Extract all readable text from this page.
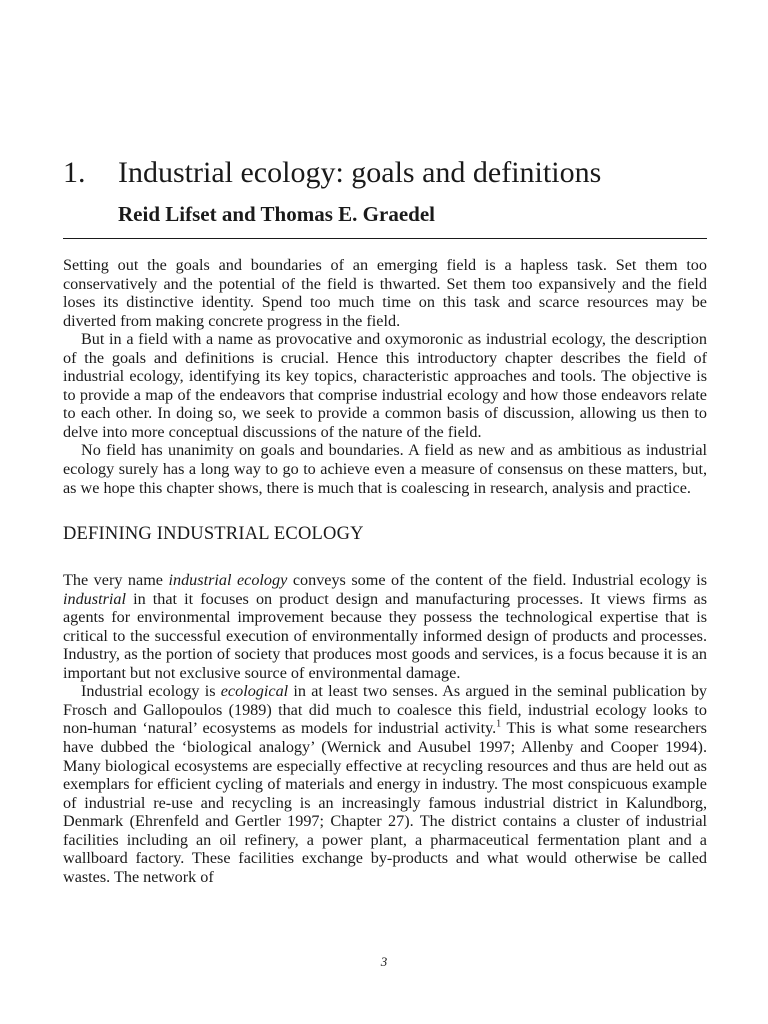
1. Industrial ecology: goals and definitions
Reid Lifset and Thomas E. Graedel

Setting out the goals and boundaries of an emerging field is a hapless task. Set them too conservatively and the potential of the field is thwarted. Set them too expansively and the field loses its distinctive identity. Spend too much time on this task and scarce resources may be diverted from making concrete progress in the field.

But in a field with a name as provocative and oxymoronic as industrial ecology, the description of the goals and definitions is crucial. Hence this introductory chapter describes the field of industrial ecology, identifying its key topics, characteristic approaches and tools. The objective is to provide a map of the endeavors that comprise industrial ecology and how those endeavors relate to each other. In doing so, we seek to provide a common basis of discussion, allowing us then to delve into more conceptual discussions of the nature of the field.

No field has unanimity on goals and boundaries. A field as new and as ambitious as industrial ecology surely has a long way to go to achieve even a measure of consensus on these matters, but, as we hope this chapter shows, there is much that is coalescing in research, analysis and practice.

DEFINING INDUSTRIAL ECOLOGY

The very name industrial ecology conveys some of the content of the field. Industrial ecology is industrial in that it focuses on product design and manufacturing processes. It views firms as agents for environmental improvement because they possess the technological expertise that is critical to the successful execution of environmentally informed design of products and processes. Industry, as the portion of society that produces most goods and services, is a focus because it is an important but not exclusive source of environmental damage.

Industrial ecology is ecological in at least two senses. As argued in the seminal publication by Frosch and Gallopoulos (1989) that did much to coalesce this field, industrial ecology looks to non-human ‘natural’ ecosystems as models for industrial activity.$^1$ This is what some researchers have dubbed the ‘biological analogy’ (Wernick and Ausubel 1997; Allenby and Cooper 1994). Many biological ecosystems are especially effective at recycling resources and thus are held out as exemplars for efficient cycling of materials and energy in industry. The most conspicuous example of industrial re-use and recycling is an increasingly famous industrial district in Kalundborg, Denmark (Ehrenfeld and Gertler 1997; Chapter 27). The district contains a cluster of industrial facilities including an oil refinery, a power plant, a pharmaceutical fermentation plant and a wallboard factory. These facilities exchange by-products and what would otherwise be called wastes. The network of

3
